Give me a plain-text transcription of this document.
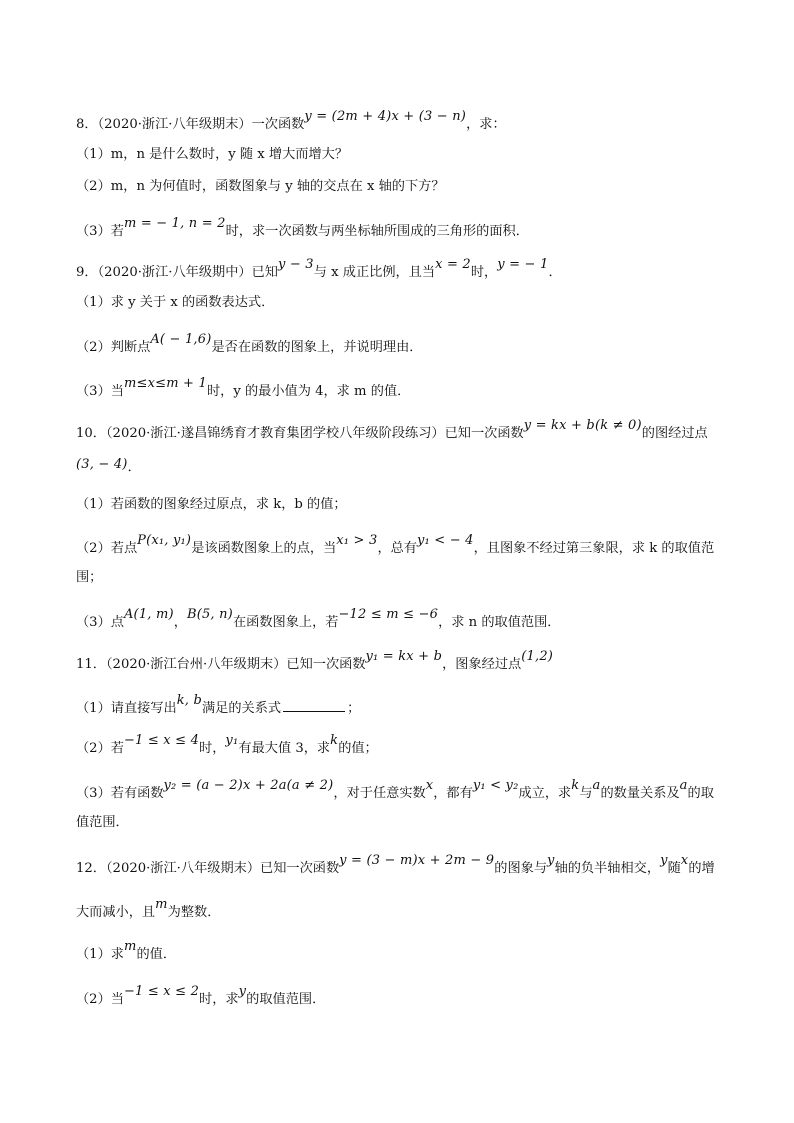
8．（2020·浙江·八年级期末）一次函数y = (2m + 4)x + (3 − n)，求：
（1）m，n 是什么数时，y 随 x 增大而增大？
（2）m，n 为何值时，函数图象与 y 轴的交点在 x 轴的下方？
（3）若m = − 1, n = 2时，求一次函数与两坐标轴所围成的三角形的面积．
9．（2020·浙江·八年级期中）已知y − 3与 x 成正比例，且当x = 2时，y = − 1．
（1）求 y 关于 x 的函数表达式．
（2）判断点A( − 1,6)是否在函数的图象上，并说明理由．
（3）当m≤x≤m + 1时，y 的最小值为 4，求 m 的值．
10．（2020·浙江·遂昌锦绣育才教育集团学校八年级阶段练习）已知一次函数y = kx + b(k ≠ 0)的图经过点
(3, − 4)．
（1）若函数的图象经过原点，求 k，b 的值；
（2）若点P(x₁, y₁)是该函数图象上的点，当x₁ > 3，总有y₁ < − 4，且图象不经过第三象限，求 k 的取值范
围；
（3）点A(1, m)，B(5, n)在函数图象上，若−12 ≤ m ≤ −6，求 n 的取值范围．
11．（2020·浙江台州·八年级期末）已知一次函数y₁ = kx + b，图象经过点(1,2)
（1）请直接写出k, b满足的关系式	；
（2）若−1 ≤ x ≤ 4时，y₁有最大值 3，求k的值；
（3）若有函数y₂ = (a − 2)x + 2a(a ≠ 2)，对于任意实数x，都有y₁ < y₂成立，求k与a的数量关系及a的取
值范围．
12．（2020·浙江·八年级期末）已知一次函数y = (3 − m)x + 2m − 9的图象与y轴的负半轴相交，y随x的增
大而减小，且m为整数．
（1）求m的值．
（2）当−1 ≤ x ≤ 2时，求y的取值范围．
